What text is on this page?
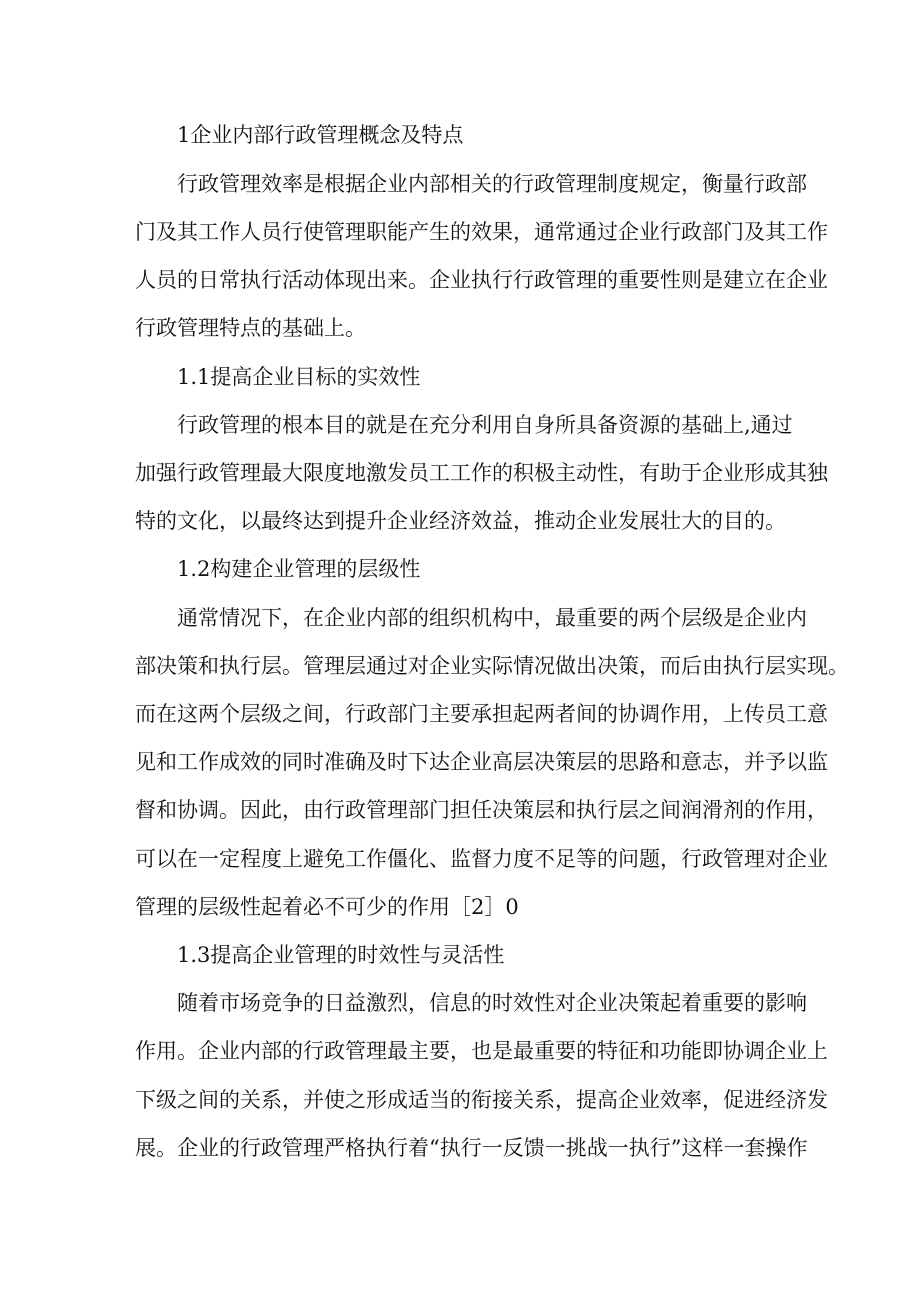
1企业内部行政管理概念及特点
行政管理效率是根据企业内部相关的行政管理制度规定，衡量行政部
门及其工作人员行使管理职能产生的效果，通常通过企业行政部门及其工作
人员的日常执行活动体现出来。企业执行行政管理的重要性则是建立在企业
行政管理特点的基础上。
1.1提高企业目标的实效性
行政管理的根本目的就是在充分利用自身所具备资源的基础上,通过
加强行政管理最大限度地激发员工工作的积极主动性，有助于企业形成其独
特的文化，以最终达到提升企业经济效益，推动企业发展壮大的目的。
1.2构建企业管理的层级性
通常情况下，在企业内部的组织机构中，最重要的两个层级是企业内
部决策和执行层。管理层通过对企业实际情况做出决策，而后由执行层实现。
而在这两个层级之间，行政部门主要承担起两者间的协调作用，上传员工意
见和工作成效的同时准确及时下达企业高层决策层的思路和意志，并予以监
督和协调。因此，由行政管理部门担任决策层和执行层之间润滑剂的作用，
可以在一定程度上避免工作僵化、监督力度不足等的问题，行政管理对企业
管理的层级性起着必不可少的作用［2］0
1.3提高企业管理的时效性与灵活性
随着市场竞争的日益激烈，信息的时效性对企业决策起着重要的影响
作用。企业内部的行政管理最主要，也是最重要的特征和功能即协调企业上
下级之间的关系，并使之形成适当的衔接关系，提高企业效率，促进经济发
展。企业的行政管理严格执行着“执行一反馈一挑战一执行”这样一套操作
